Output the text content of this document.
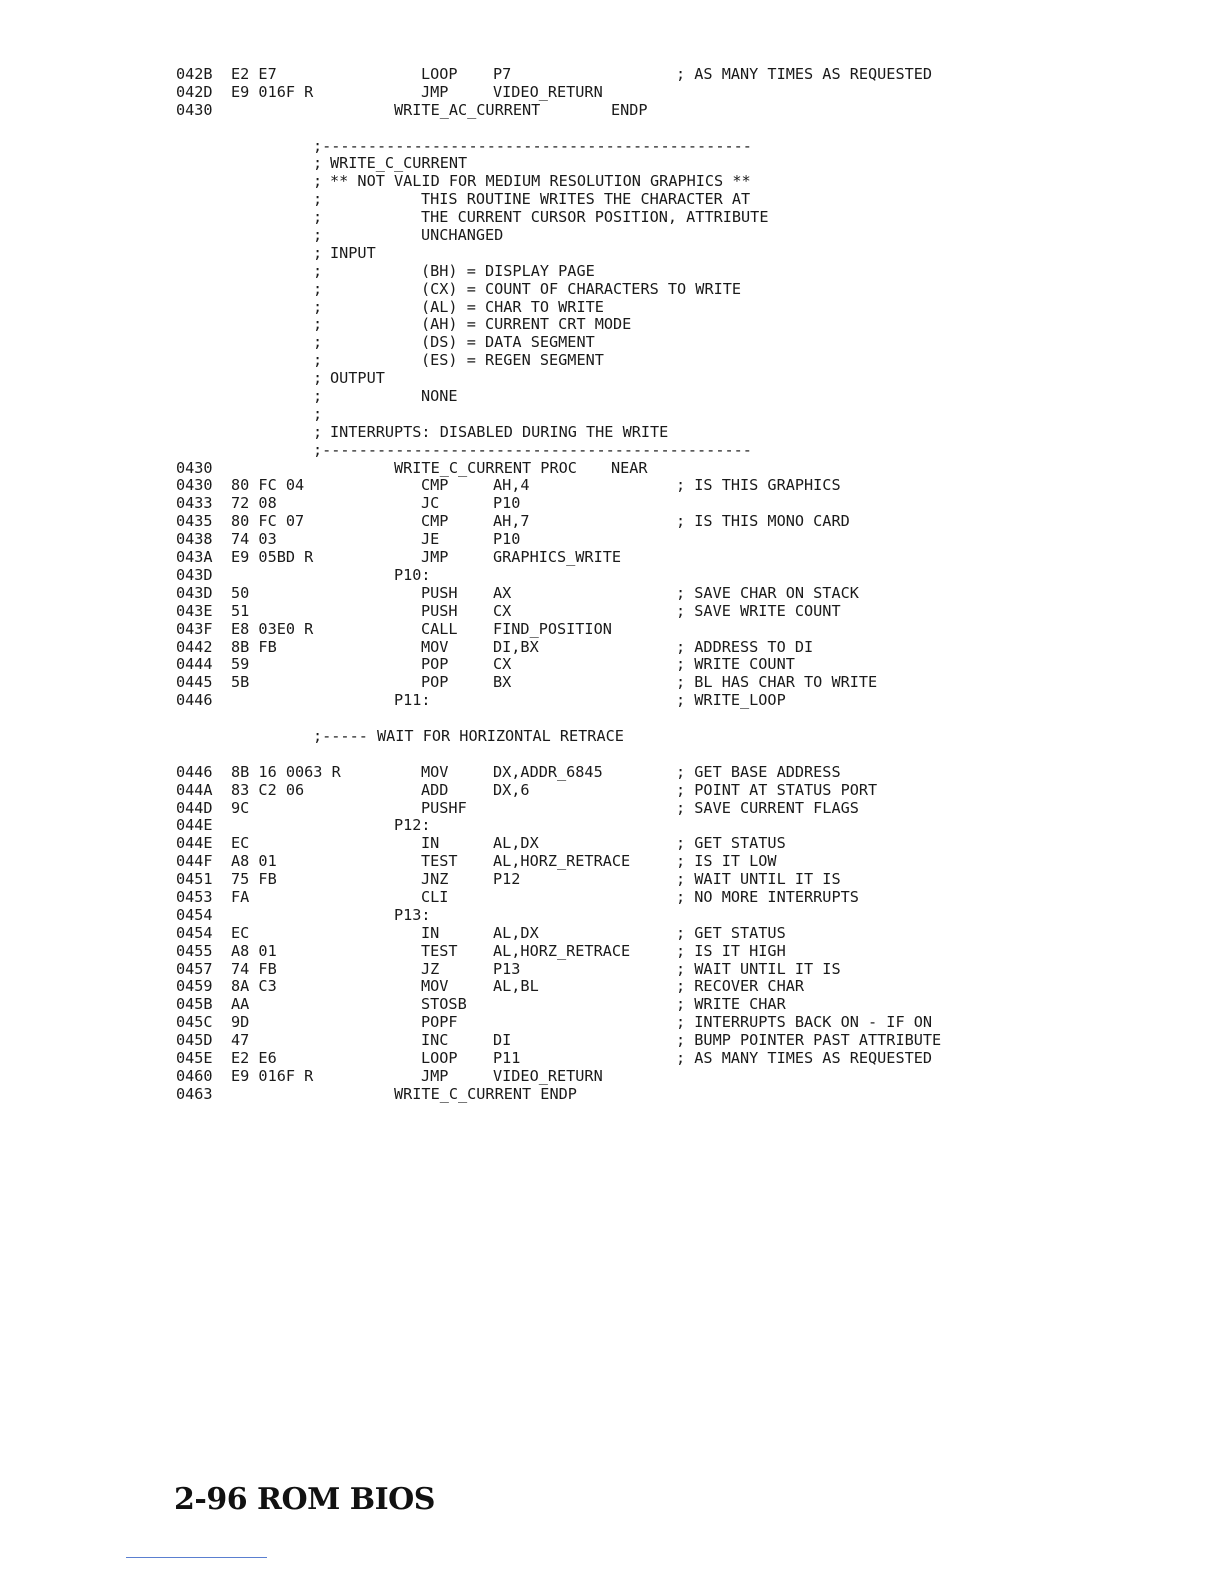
042B E2 E7	LOOP P7	; AS MANY TIMES AS REQUESTED
042D E9 016F R	JMP	VIDEO_RETURN
0430	WRITE_AC_CURRENT	ENDP
;-----------------------------------------------
; WRITE_C_CURRENT
; ** NOT VALID FOR MEDIUM RESOLUTION GRAPHICS **
;	THIS ROUTINE WRITES THE CHARACTER AT
;	THE CURRENT CURSOR POSITION, ATTRIBUTE
;	UNCHANGED
; INPUT
;	(BH) = DISPLAY PAGE
;	(CX) = COUNT OF CHARACTERS TO WRITE
;	(AL) = CHAR TO WRITE
;	(AH) = CURRENT CRT MODE
;	(DS) = DATA SEGMENT
;	(ES) = REGEN SEGMENT
; OUTPUT
;	NONE
;
; INTERRUPTS: DISABLED DURING THE WRITE
;-----------------------------------------------
0430	WRITE_C_CURRENT PROC NEAR
0430 80 FC 04	CMP	AH,4	; IS THIS GRAPHICS
0433 72 08	JC	P10
0435 80 FC 07	CMP	AH,7	; IS THIS MONO CARD
0438 74 03	JE	P10
043A E9 05BD R	JMP	GRAPHICS_WRITE
043D	P10:
043D 50	PUSH AX	; SAVE CHAR ON STACK
043E 51	PUSH CX	; SAVE WRITE COUNT
043F E8 03E0 R	CALL FIND_POSITION
0442 8B FB	MOV	DI,BX	; ADDRESS TO DI
0444 59	POP	CX	; WRITE COUNT
0445 5B	POP	BX	; BL HAS CHAR TO WRITE
0446	P11:	; WRITE_LOOP
;----- WAIT FOR HORIZONTAL RETRACE
0446 8B 16 0063 R	MOV	DX,ADDR_6845	; GET BASE ADDRESS
044A 83 C2 06	ADD	DX,6	; POINT AT STATUS PORT
044D 9C	PUSHF	; SAVE CURRENT FLAGS
044E	P12:
044E EC	IN	AL,DX	; GET STATUS
044F A8 01	TEST AL,HORZ_RETRACE	; IS IT LOW
0451 75 FB	JNZ	P12	; WAIT UNTIL IT IS
0453 FA	CLI	; NO MORE INTERRUPTS
0454	P13:
0454 EC	IN	AL,DX	; GET STATUS
0455 A8 01	TEST AL,HORZ_RETRACE	; IS IT HIGH
0457 74 FB	JZ	P13	; WAIT UNTIL IT IS
0459 8A C3	MOV	AL,BL	; RECOVER CHAR
045B AA	STOSB	; WRITE CHAR
045C 9D	POPF	; INTERRUPTS BACK ON - IF ON
045D 47	INC	DI	; BUMP POINTER PAST ATTRIBUTE
045E E2 E6	LOOP P11	; AS MANY TIMES AS REQUESTED
0460 E9 016F R	JMP	VIDEO_RETURN
0463	WRITE_C_CURRENT ENDP
2-96 ROM BIOS
